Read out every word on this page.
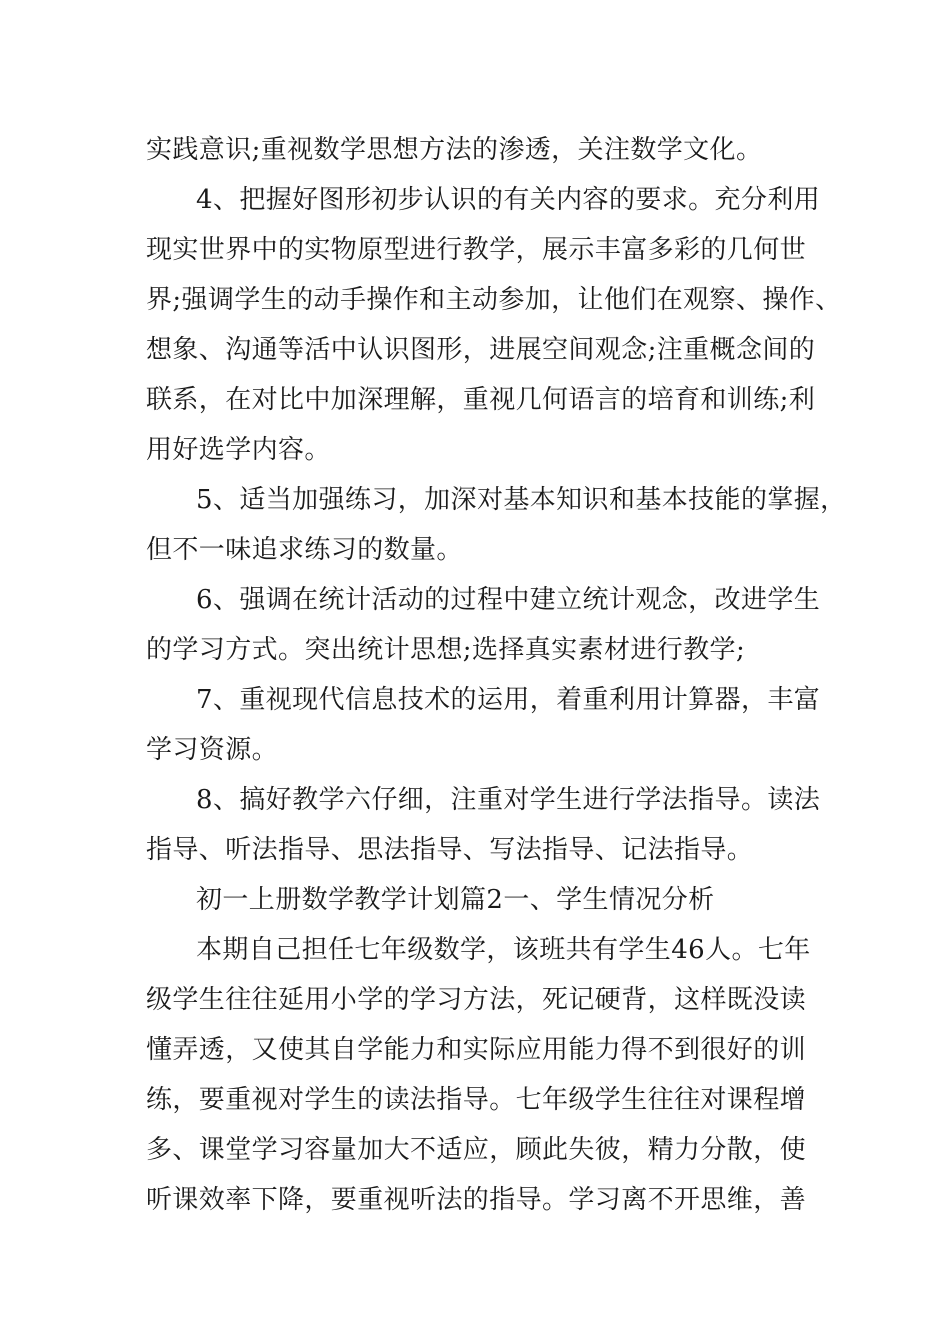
实践意识;重视数学思想方法的渗透，关注数学文化。
4、把握好图形初步认识的有关内容的要求。充分利用
现实世界中的实物原型进行教学，展示丰富多彩的几何世
界;强调学生的动手操作和主动参加，让他们在观察、操作、
想象、沟通等活中认识图形，进展空间观念;注重概念间的
联系，在对比中加深理解，重视几何语言的培育和训练;利
用好选学内容。
5、适当加强练习，加深对基本知识和基本技能的掌握，
但不一味追求练习的数量。
6、强调在统计活动的过程中建立统计观念，改进学生
的学习方式。突出统计思想;选择真实素材进行教学;
7、重视现代信息技术的运用，着重利用计算器，丰富
学习资源。
8、搞好教学六仔细，注重对学生进行学法指导。读法
指导、听法指导、思法指导、写法指导、记法指导。
初一上册数学教学计划篇2一、学生情况分析
本期自己担任七年级数学，该班共有学生46人。七年
级学生往往延用小学的学习方法，死记硬背，这样既没读
懂弄透，又使其自学能力和实际应用能力得不到很好的训
练，要重视对学生的读法指导。七年级学生往往对课程增
多、课堂学习容量加大不适应，顾此失彼，精力分散，使
听课效率下降，要重视听法的指导。学习离不开思维，善
